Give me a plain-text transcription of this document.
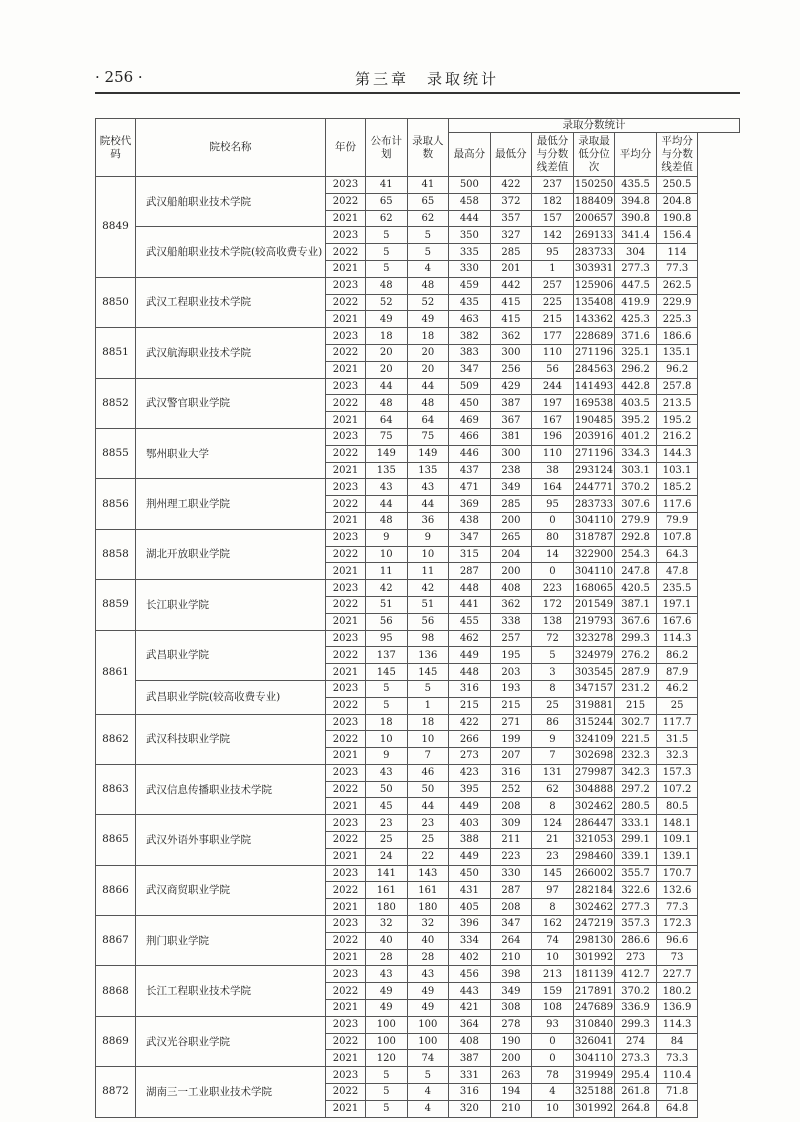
· 256 ·	第三章　录取统计
院校代码	院校名称	年份	公布计划	录取人数	录取分数统计					
					最高分	最低分	最低分与分数线差值	录取最低分位次	平均分	平均分与分数线差值
8849	武汉船舶职业技术学院	2023	41	41	500	422	237	150250	435.5	250.5
		2022	65	65	458	372	182	188409	394.8	204.8
		2021	62	62	444	357	157	200657	390.8	190.8
	武汉船舶职业技术学院(较高收费专业)	2023	5	5	350	327	142	269133	341.4	156.4
		2022	5	5	335	285	95	283733	304	114
		2021	5	4	330	201	1	303931	277.3	77.3
8850	武汉工程职业技术学院	2023	48	48	459	442	257	125906	447.5	262.5
		2022	52	52	435	415	225	135408	419.9	229.9
		2021	49	49	463	415	215	143362	425.3	225.3
8851	武汉航海职业技术学院	2023	18	18	382	362	177	228689	371.6	186.6
		2022	20	20	383	300	110	271196	325.1	135.1
		2021	20	20	347	256	56	284563	296.2	96.2
8852	武汉警官职业学院	2023	44	44	509	429	244	141493	442.8	257.8
		2022	48	48	450	387	197	169538	403.5	213.5
		2021	64	64	469	367	167	190485	395.2	195.2
8855	鄂州职业大学	2023	75	75	466	381	196	203916	401.2	216.2
		2022	149	149	446	300	110	271196	334.3	144.3
		2021	135	135	437	238	38	293124	303.1	103.1
8856	荆州理工职业学院	2023	43	43	471	349	164	244771	370.2	185.2
		2022	44	44	369	285	95	283733	307.6	117.6
		2021	48	36	438	200	0	304110	279.9	79.9
8858	湖北开放职业学院	2023	9	9	347	265	80	318787	292.8	107.8
		2022	10	10	315	204	14	322900	254.3	64.3
		2021	11	11	287	200	0	304110	247.8	47.8
8859	长江职业学院	2023	42	42	448	408	223	168065	420.5	235.5
		2022	51	51	441	362	172	201549	387.1	197.1
		2021	56	56	455	338	138	219793	367.6	167.6
8861	武昌职业学院	2023	95	98	462	257	72	323278	299.3	114.3
		2022	137	136	449	195	5	324979	276.2	86.2
		2021	145	145	448	203	3	303545	287.9	87.9
	武昌职业学院(较高收费专业)	2023	5	5	316	193	8	347157	231.2	46.2
		2022	5	1	215	215	25	319881	215	25
8862	武汉科技职业学院	2023	18	18	422	271	86	315244	302.7	117.7
		2022	10	10	266	199	9	324109	221.5	31.5
		2021	9	7	273	207	7	302698	232.3	32.3
8863	武汉信息传播职业技术学院	2023	43	46	423	316	131	279987	342.3	157.3
		2022	50	50	395	252	62	304888	297.2	107.2
		2021	45	44	449	208	8	302462	280.5	80.5
8865	武汉外语外事职业学院	2023	23	23	403	309	124	286447	333.1	148.1
		2022	25	25	388	211	21	321053	299.1	109.1
		2021	24	22	449	223	23	298460	339.1	139.1
8866	武汉商贸职业学院	2023	141	143	450	330	145	266002	355.7	170.7
		2022	161	161	431	287	97	282184	322.6	132.6
		2021	180	180	405	208	8	302462	277.3	77.3
8867	荆门职业学院	2023	32	32	396	347	162	247219	357.3	172.3
		2022	40	40	334	264	74	298130	286.6	96.6
		2021	28	28	402	210	10	301992	273	73
8868	长江工程职业技术学院	2023	43	43	456	398	213	181139	412.7	227.7
		2022	49	49	443	349	159	217891	370.2	180.2
		2021	49	49	421	308	108	247689	336.9	136.9
8869	武汉光谷职业学院	2023	100	100	364	278	93	310840	299.3	114.3
		2022	100	100	408	190	0	326041	274	84
		2021	120	74	387	200	0	304110	273.3	73.3
8872	湖南三一工业职业技术学院	2023	5	5	331	263	78	319949	295.4	110.4
		2022	5	4	316	194	4	325188	261.8	71.8
		2021	5	4	320	210	10	301992	264.8	64.8
